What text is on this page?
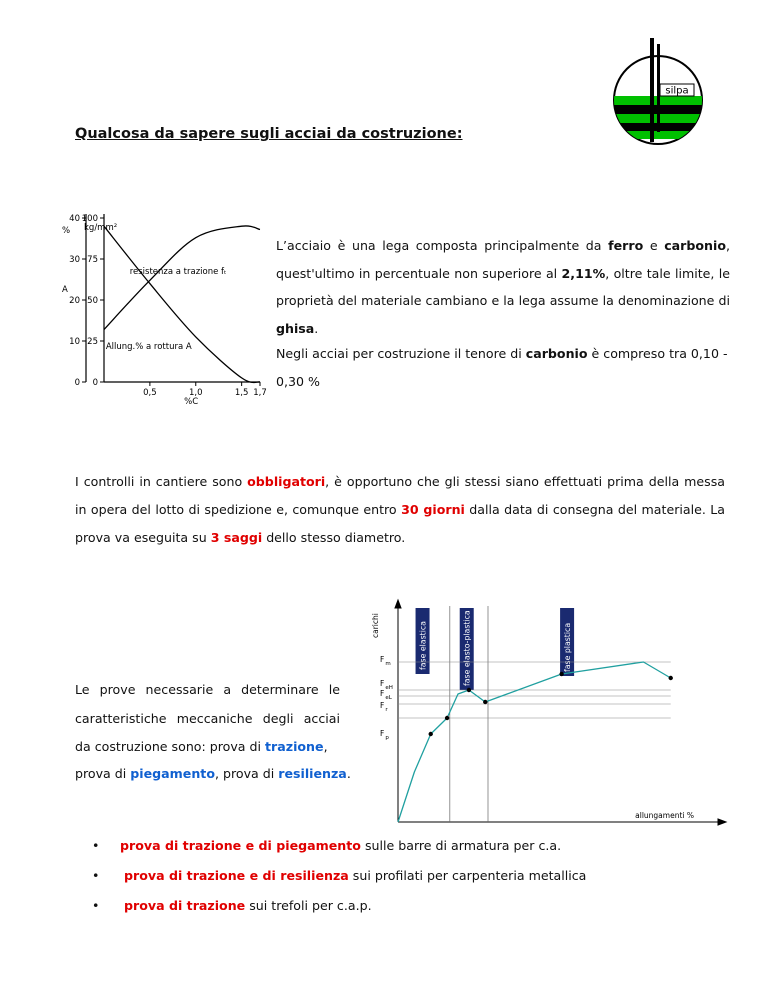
silpa
Qualcosa da sapere sugli acciai da costruzione:
100
40
75
30
50
20
25
10
0
0
0,5	1,0	1,5 1,7
%C
%
A
kg/mm²
resistenza a trazione fₜ
Allung.% a rottura A
L’acciaio è una lega composta principalmente da ferro e carbonio, quest'ultimo in percentuale non superiore al 2,11%, oltre tale limite, le proprietà del materiale cambiano e la lega assume la denominazione di ghisa.
Negli acciai per costruzione il tenore di carbonio è compreso tra 0,10 - 0,30 %
I controlli in cantiere sono obbligatori, è opportuno che gli stessi siano effettuati prima della messa in opera del lotto di spedizione e, comunque entro 30 giorni dalla data di consegna del materiale. La prova va eseguita su 3 saggi dello stesso diametro.
fase elastica	fase elasto-plastica	fase plastica
$F_m$
$F_{eH}$
$F_{eL}$
$F_r$
$F_p$
carichi
allungamenti %
Le prove necessarie a determinare le caratteristiche meccaniche degli acciai da costruzione sono: prova di trazione,
prova di piegamento, prova di resilienza.
• prova di trazione e di piegamento sulle barre di armatura per c.a.
• prova di trazione e di resilienza sui profilati per carpenteria metallica
• prova di trazione sui trefoli per c.a.p.
